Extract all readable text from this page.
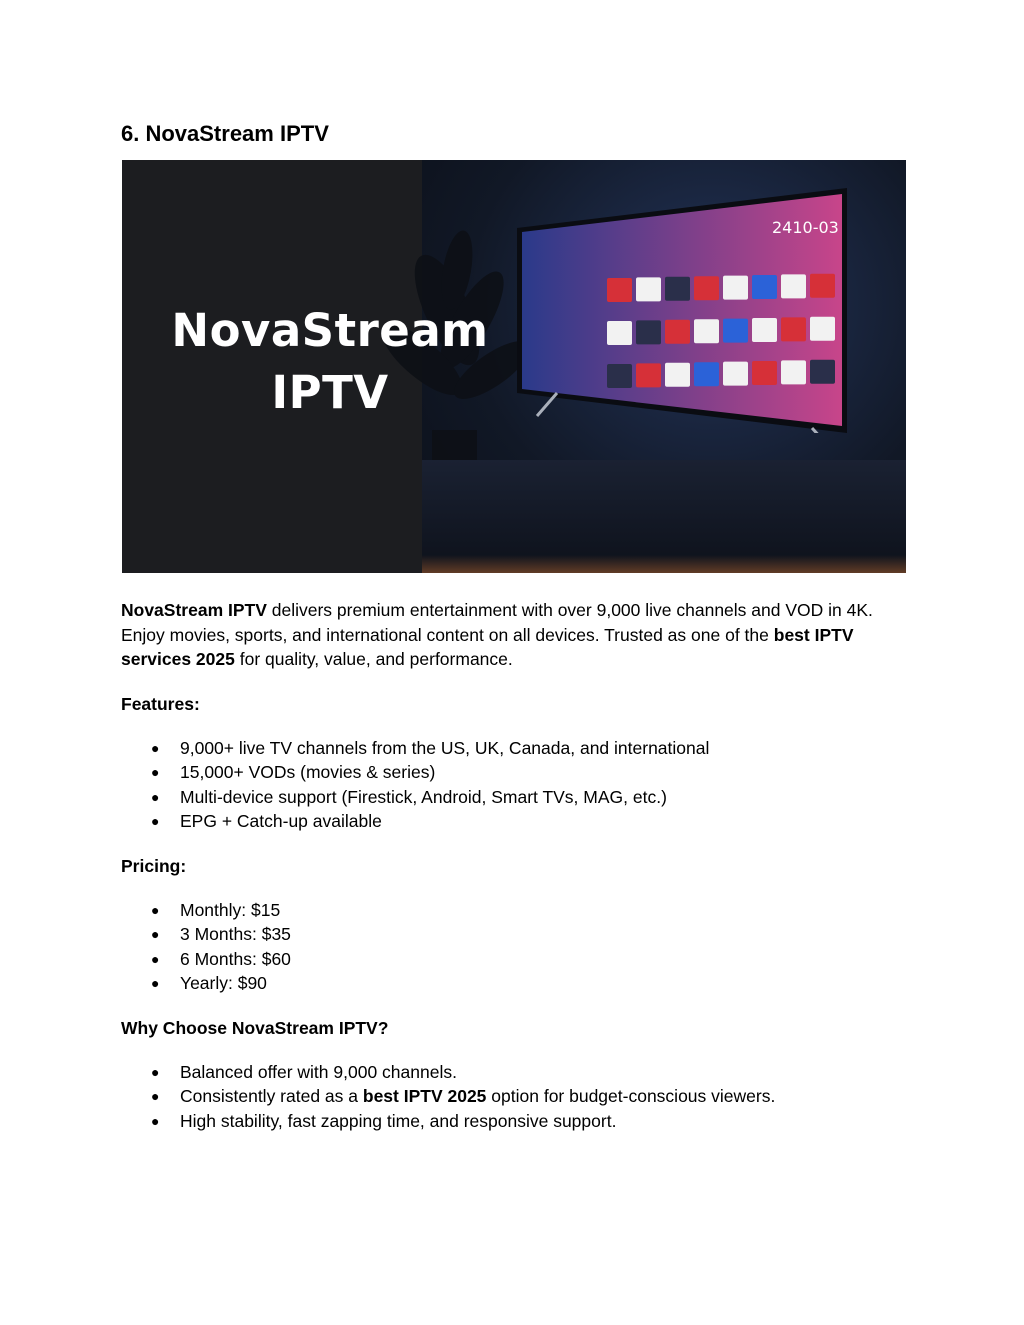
6. NovaStream IPTV
2410-03
NovaStream
IPTV

NovaStream IPTV delivers premium entertainment with over 9,000 live channels and VOD in 4K. Enjoy movies, sports, and international content on all devices. Trusted as one of the best IPTV services 2025 for quality, value, and performance.

Features:

● 9,000+ live TV channels from the US, UK, Canada, and international
● 15,000+ VODs (movies & series)
● Multi-device support (Firestick, Android, Smart TVs, MAG, etc.)
● EPG + Catch-up available

Pricing:

● Monthly: $15
● 3 Months: $35
● 6 Months: $60
● Yearly: $90

Why Choose NovaStream IPTV?

● Balanced offer with 9,000 channels.
● Consistently rated as a best IPTV 2025 option for budget-conscious viewers.
● High stability, fast zapping time, and responsive support.
